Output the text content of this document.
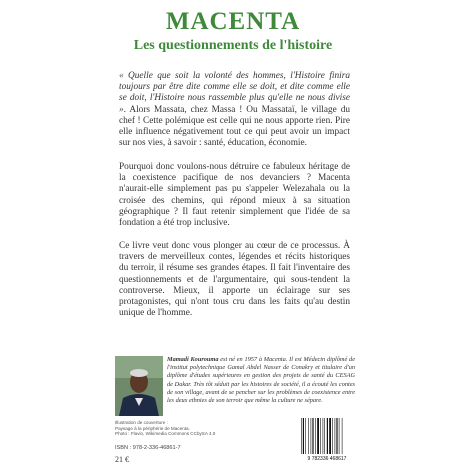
MACENTA
Les questionnements de l'histoire
« Quelle que soit la volonté des hommes, l'Histoire finira toujours par être dite comme elle se doit, et dite comme elle se doit, l'Histoire nous rassemble plus qu'elle ne nous divise ». Alors Massata, chez Massa ! Ou Massataï, le village du chef ! Cette polémique est celle qui ne nous apporte rien. Pire elle influence négativement tout ce qui peut avoir un impact sur nos vies, à savoir : santé, éducation, économie.
Pourquoi donc voulons-nous détruire ce fabuleux héritage de la coexistence pacifique de nos devanciers ? Macenta n'aurait-elle simplement pas pu s'appeler Welezahala ou la croisée des chemins, qui répond mieux à sa situation géographique ? Il faut retenir simplement que l'idée de sa fondation a été trop inclusive.
Ce livre veut donc vous plonger au cœur de ce processus. À travers de merveilleux contes, légendes et récits historiques du terroir, il résume ses grandes étapes. Il fait l'inventaire des questionnements et de l'argumentaire, qui sous-tendent la controverse. Mieux, il apporte un éclairage sur ses protagonistes, qui n'ont tous cru dans les faits qu'au destin unique de l'homme.
Mamadi Kourouma est né en 1957 à Macenta. Il est Médecin diplômé de l'institut polytechnique Gamal Abdel Nasser de Conakry et titulaire d'un diplôme d'études supérieures en gestion des projets de santé du CESAG de Dakar. Très tôt séduit par les histoires de société, il a écouté les contes de son village, avant de se pencher sur les problèmes de coexistence entre les deux ethnies de son terroir que même la culture ne sépare.
Illustration de couverture :
Paysage à la périphérie de Macenta.
Photo : Flavio, Wikimedia Commons CCbySA 4.0
ISBN : 978-2-336-46861-7
21 €	9 782336 468617
